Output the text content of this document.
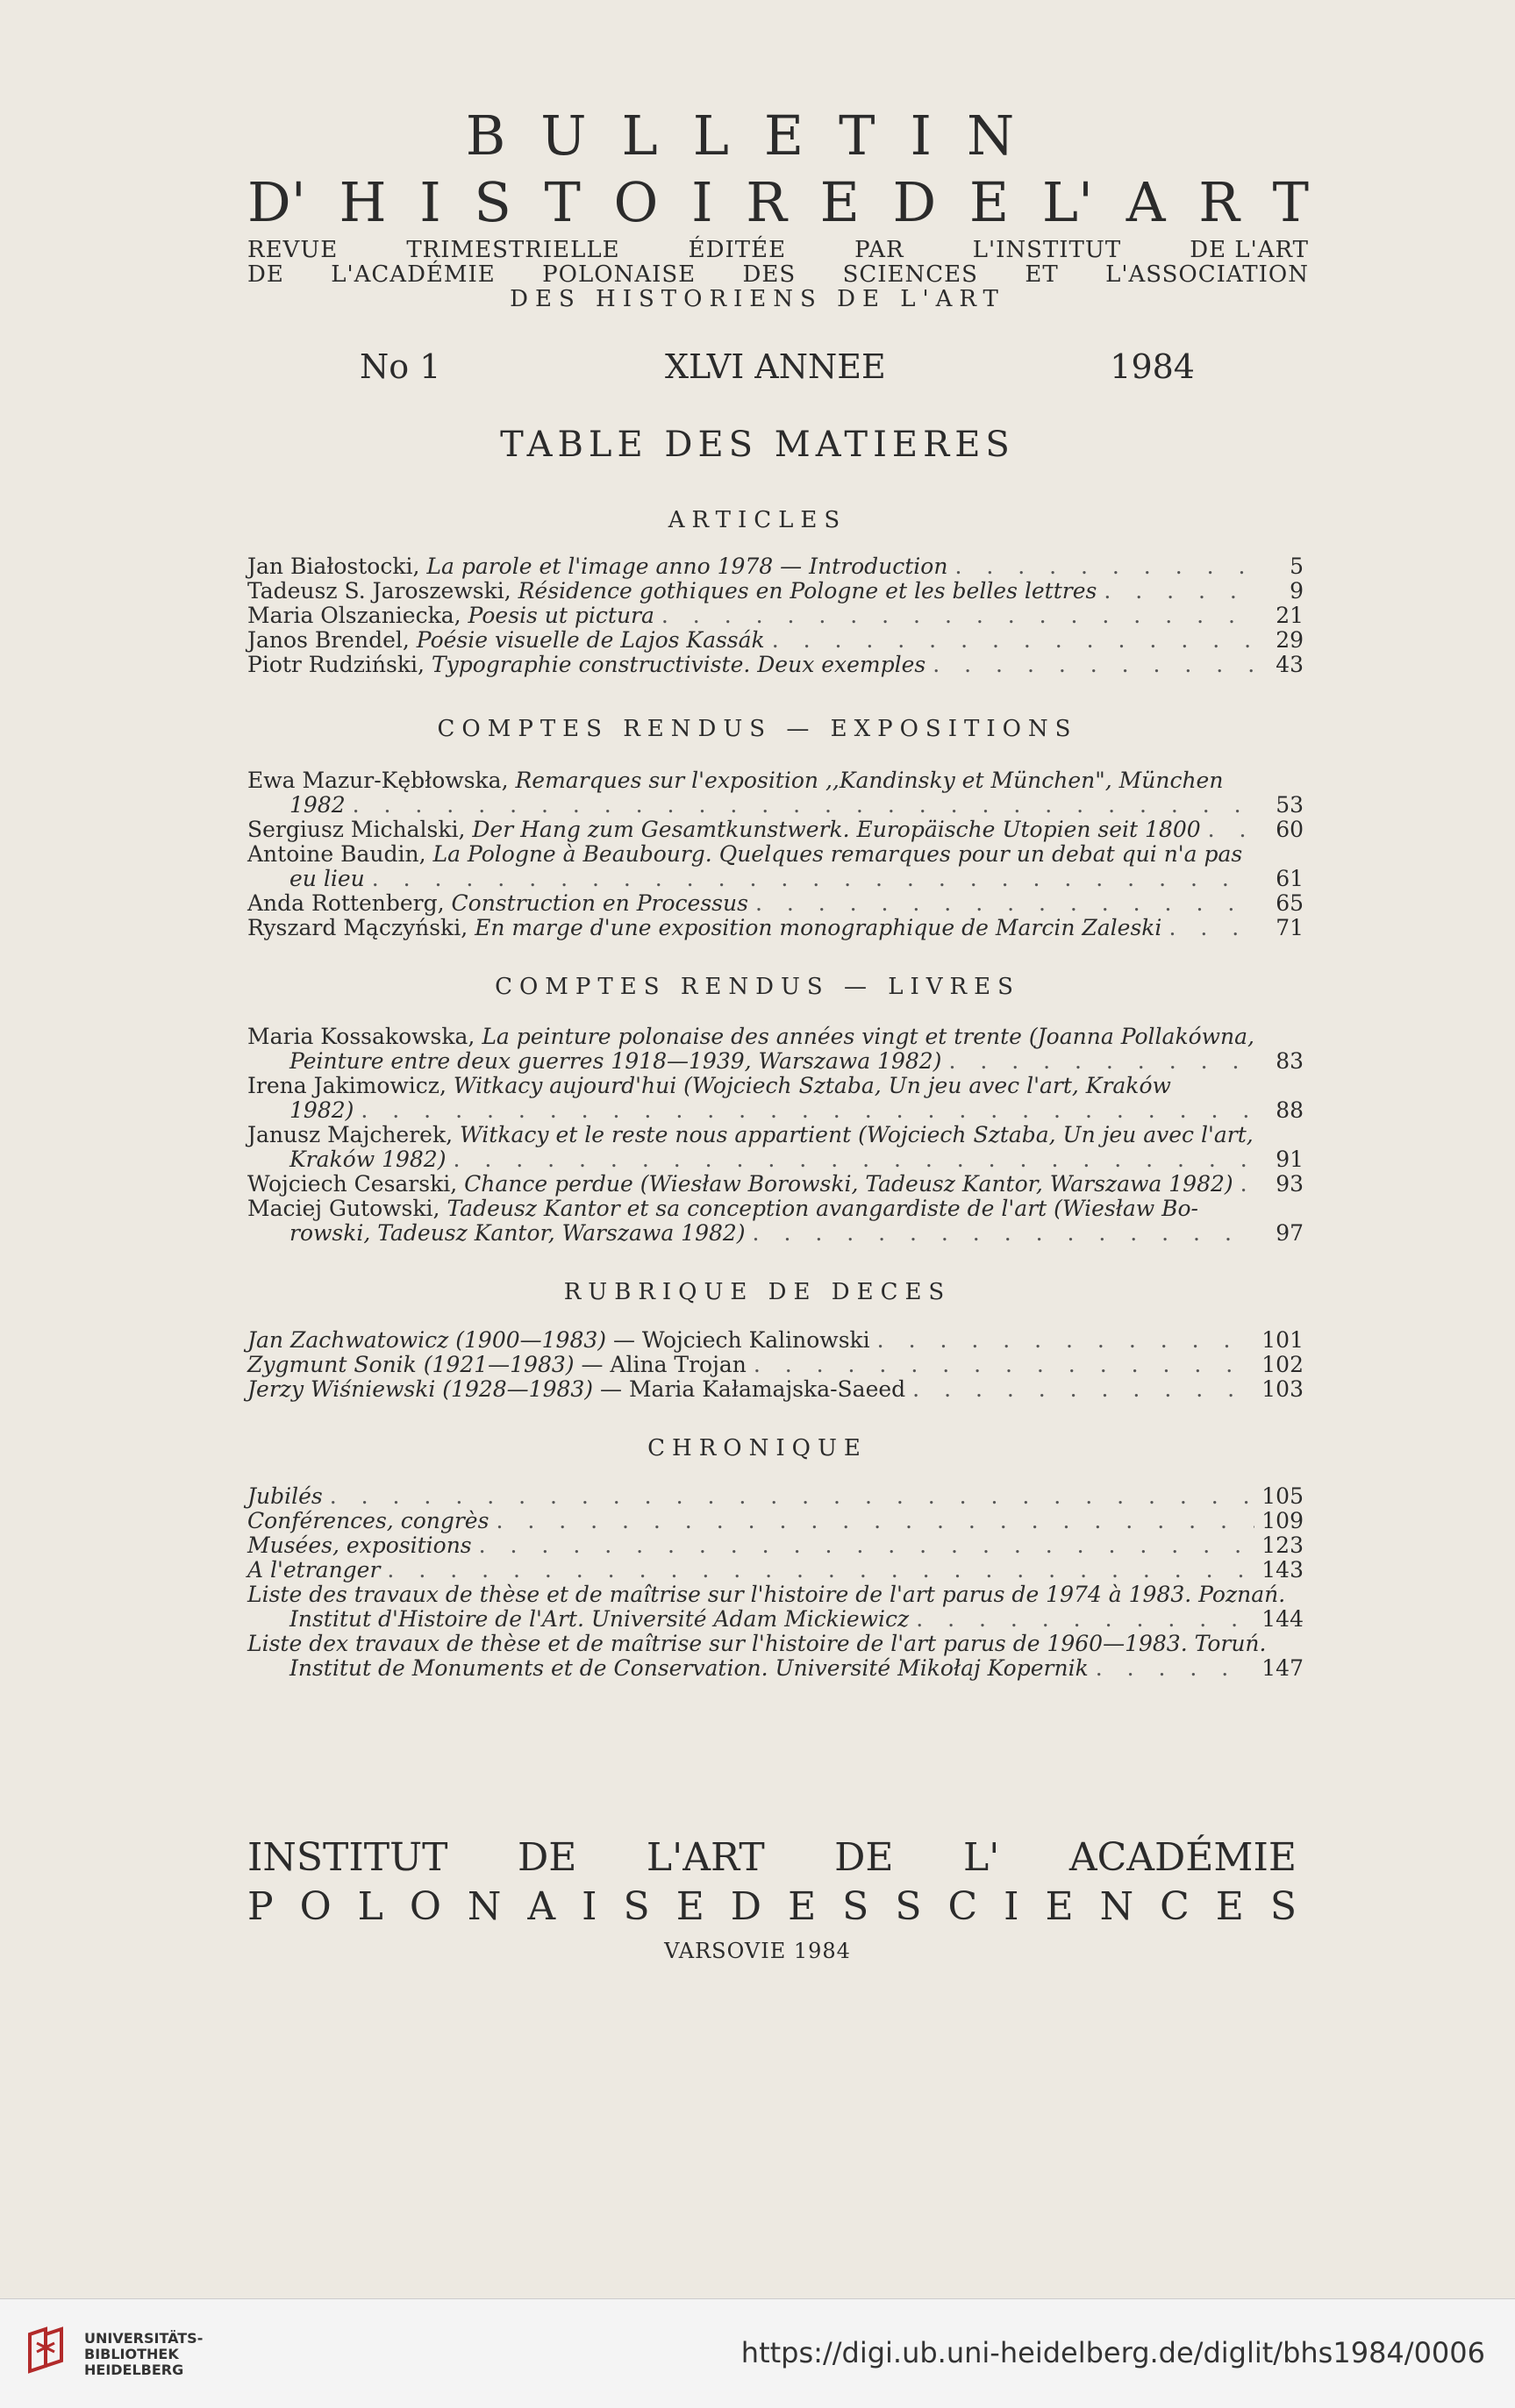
BULLETIN
D' H I S T O I R E D E L' A R T
REVUE	TRIMESTRIELLE	ÉDITÉE	PAR	L'INSTITUT	DE L'ART
DE L'ACADÉMIE POLONAISE DES SCIENCES ET L'ASSOCIATION
DES HISTORIENS DE L'ART
No 1	XLVI ANNEE	1984
TABLE DES MATIERES
ARTICLES
Jan Białostocki, La parole et l'image anno 1978 — Introduction . . .	5
Tadeusz S. Jaroszewski, Résidence gothiques en Pologne et les belles lettres . . .	9
Maria Olszaniecka, Poesis ut pictura . . .	21
Janos Brendel, Poésie visuelle de Lajos Kassák . . .	29
Piotr Rudziński, Typographie constructiviste. Deux exemples . . .	43
COMPTES RENDUS — EXPOSITIONS
Ewa Mazur-Kębłowska, Remarques sur l'exposition ,,Kandinsky et München", München
1982 . . .	53
Sergiusz Michalski, Der Hang zum Gesamtkunstwerk. Europäische Utopien seit 1800 . . .	60
Antoine Baudin, La Pologne à Beaubourg. Quelques remarques pour un debat qui n'a pas
eu lieu . . .	61
Anda Rottenberg, Construction en Processus . . .	65
Ryszard Mączyński, En marge d'une exposition monographique de Marcin Zaleski . . .	71
COMPTES RENDUS — LIVRES
Maria Kossakowska, La peinture polonaise des années vingt et trente (Joanna Pollakówna,
Peinture entre deux guerres 1918—1939, Warszawa 1982) . . .	83
Irena Jakimowicz, Witkacy aujourd'hui (Wojciech Sztaba, Un jeu avec l'art, Kraków
1982) . . .	88
Janusz Majcherek, Witkacy et le reste nous appartient (Wojciech Sztaba, Un jeu avec l'art,
Kraków 1982) . . .	91
Wojciech Cesarski, Chance perdue (Wiesław Borowski, Tadeusz Kantor, Warszawa 1982) . . .	93
Maciej Gutowski, Tadeusz Kantor et sa conception avangardiste de l'art (Wiesław Bo-
rowski, Tadeusz Kantor, Warszawa 1982) . . .	97
RUBRIQUE DE DECES
Jan Zachwatowicz (1900—1983) — Wojciech Kalinowski . . .	101
Zygmunt Sonik (1921—1983) — Alina Trojan . . .	102
Jerzy Wiśniewski (1928—1983) — Maria Kałamajska-Saeed . . .	103
CHRONIQUE
Jubilés . . .	105
Conférences, congrès . . .	109
Musées, expositions . . .	123
A l'etranger . . .	143
Liste des travaux de thèse et de maîtrise sur l'histoire de l'art parus de 1974 à 1983. Poznań.
Institut d'Histoire de l'Art. Université Adam Mickiewicz . . .	144
Liste dex travaux de thèse et de maîtrise sur l'histoire de l'art parus de 1960—1983. Toruń.
Institut de Monuments et de Conservation. Université Mikołaj Kopernik . . .	147
INSTITUT DE L'ART DE L' ACADÉMIE
P O L O N A I S E D E S S C I E N C E S
VARSOVIE 1984
UNIVERSITÄTS-
BIBLIOTHEK
HEIDELBERG
https://digi.ub.uni-heidelberg.de/diglit/bhs1984/0006
